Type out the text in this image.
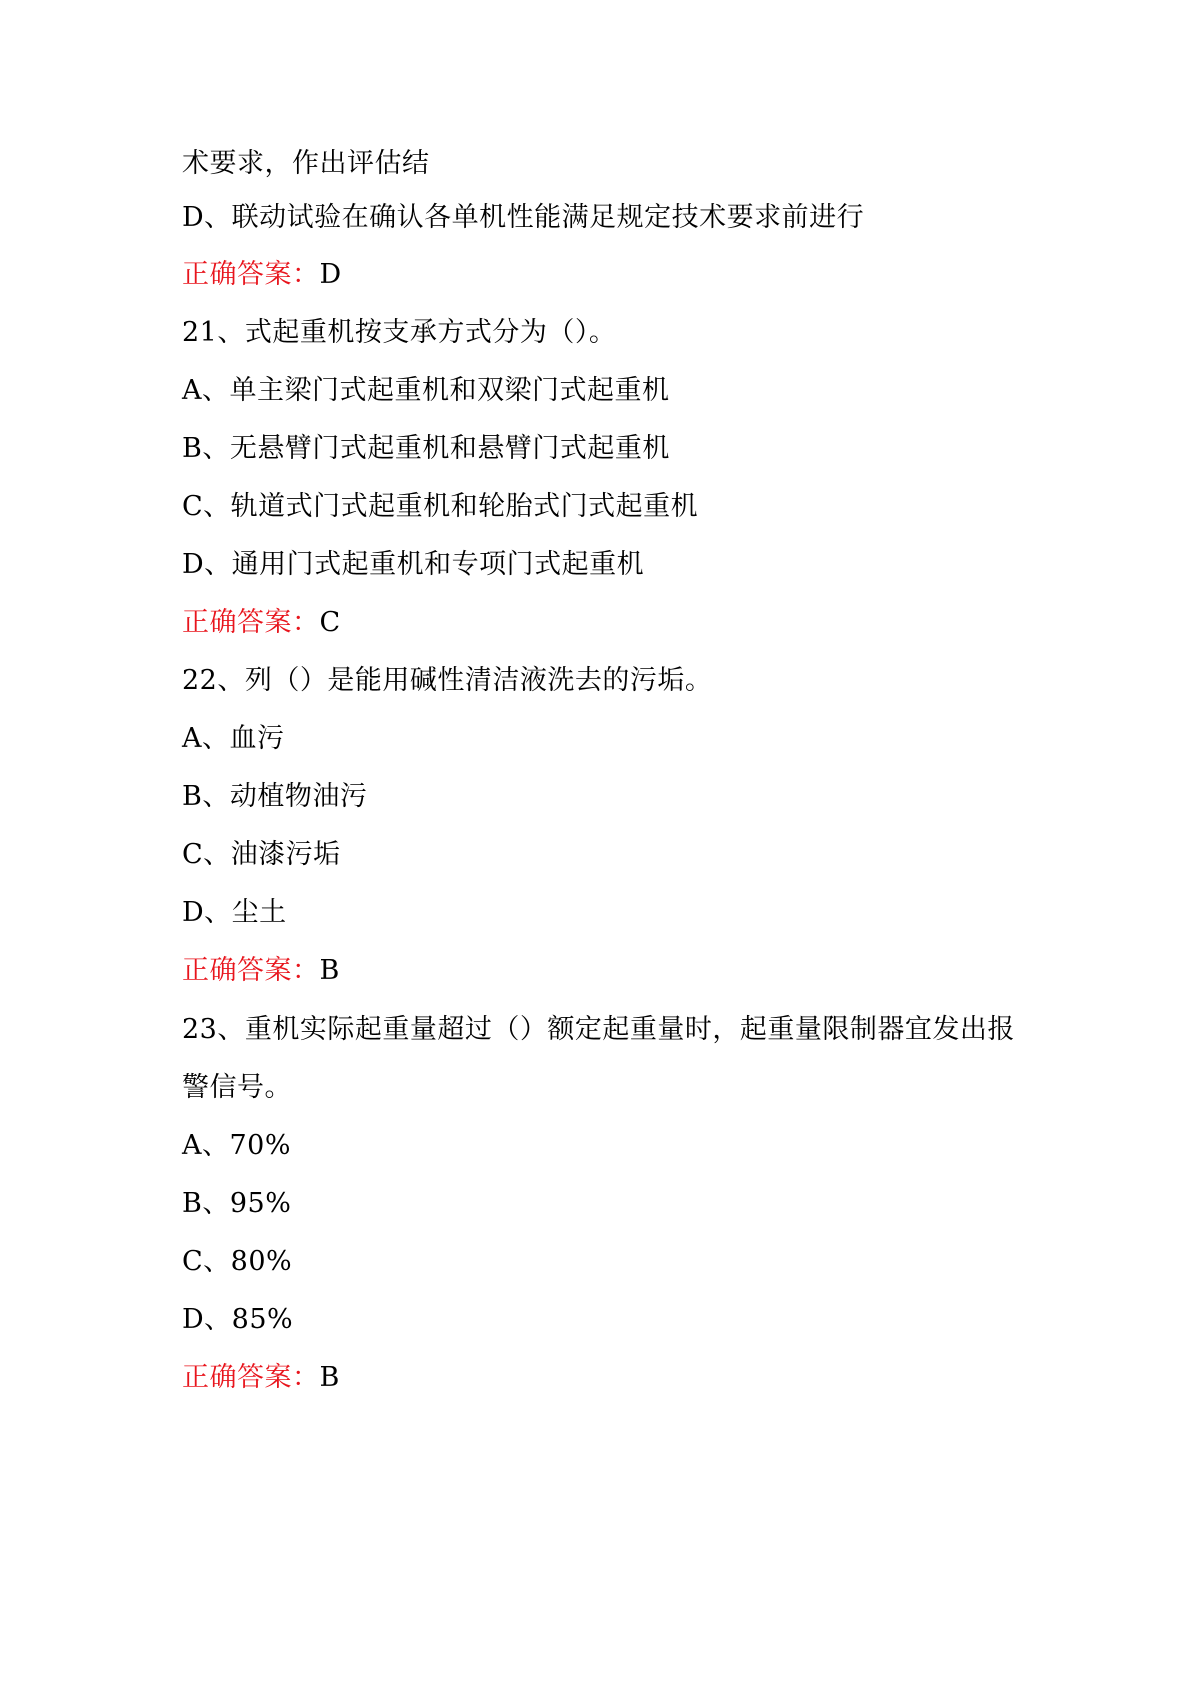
术要求，作出评估结
D、联动试验在确认各单机性能满足规定技术要求前进行
正确答案：D
21、式起重机按支承方式分为（）。
A、单主梁门式起重机和双梁门式起重机
B、无悬臂门式起重机和悬臂门式起重机
C、轨道式门式起重机和轮胎式门式起重机
D、通用门式起重机和专项门式起重机
正确答案：C
22、列（）是能用碱性清洁液洗去的污垢。
A、血污
B、动植物油污
C、油漆污垢
D、尘土
正确答案：B
23、重机实际起重量超过（）额定起重量时，起重量限制器宜发出报
警信号。
A、70%
B、95%
C、80%
D、85%
正确答案：B
